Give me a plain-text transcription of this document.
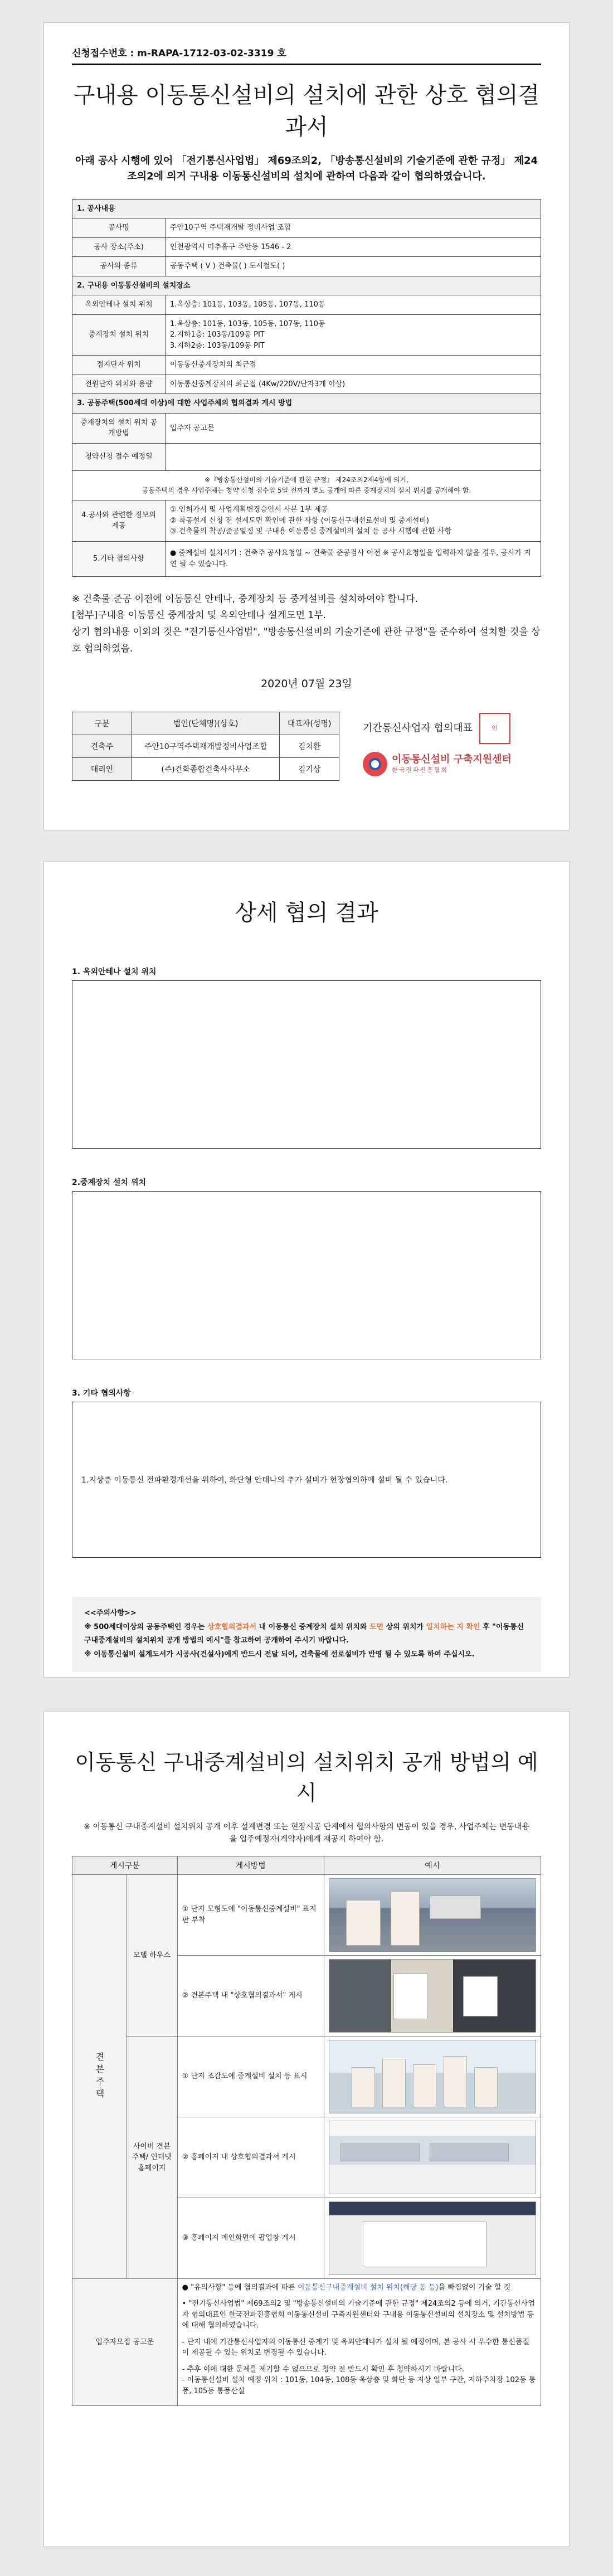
신청접수번호 : m-RAPA-1712-03-02-3319 호
구내용 이동통신설비의 설치에 관한 상호 협의결과서

아래 공사 시행에 있어 「전기통신사업법」 제69조의2, 「방송통신설비의 기술기준에 관한 규정」 제24조의2에 의거 구내용 이동통신설비의 설치에 관하여 다음과 같이 협의하였습니다.

1. 공사내용	
공사명	주안10구역 주택재개발 정비사업 조합
공사 장소(주소)	인천광역시 미추홀구 주안동 1546 - 2
공사의 종류	공동주택 ( V ) 건축물( ) 도시철도( )
2. 구내용 이동통신설비의 설치장소	
옥외안테나 설치 위치	1.옥상층: 101동, 103동, 105동, 107동, 110동
중계장치 설치 위치	1.옥상층: 101동, 103동, 105동, 107동, 110동
2.지하1층: 103동/109동 PIT
3.지하2층: 103동/109동 PIT
접지단자 위치	이동통신중계장치의 최근접
전원단자 위치와 용량	이동통신중계장치의 최근접 (4Kw/220V/단자3개 이상)
3. 공동주택(500세대 이상)에 대한 사업주체의 협의결과 게시 방법	
중계장치의 설치 위치 공개방법	입주자 공고문
청약신청 접수 예정일	
※『방송통신설비의 기술기준에 관한 규정』 제24조의2제4항에 의거,
공동주택의 경우 사업주체는 청약 신청 접수일 5일 전까지 별도 공개에 따른 중계장치의 설치 위치를 공개해야 함.	
4.공사와 관련한 정보의 제공	① 인허가서 및 사업계획변경승인서 사본 1부 제공
② 착공설계 신청 전 설계도면 확인에 관한 사항 (이동신구내선로설비 및 중계설비)
③ 건축물의 착공/준공일정 및 구내용 이동통신 중계설비의 설치 등 공사 시행에 관한 사항

5.기타 협의사항	● 중계설비 설치시기 : 건축주 공사요청일 ~ 건축물 준공검사 이전 ※ 공사요청일을 입력하지 않을 경우, 공사가 지연 될 수 있습니다.
※ 건축물 준공 이전에 이동통신 안테나, 중계장치 등 중계설비를 설치하여야 합니다.
[첨부]구내용 이동통신 중계장치 및 옥외안테나 설계도면 1부.
상기 협의내용 이외의 것은 "전기통신사업법", "방송통신설비의 기술기준에 관한 규정"을 준수하여 설치할 것을 상호 협의하였음.
2020년 07월 23일
구분	법인(단체명)(상호)	대표자(성명)
건축주	주안10구역주택재개발정비사업조합	김치환
대리인	(주)건화종합건축사사무소	김기상
기간통신사업자 협의대표	인
이동통신설비 구축지원센터
한국전파진흥협회
상세 협의 결과
1. 옥외안테나 설치 위치
2.중계장치 설치 위치
3. 기타 협의사항
1.지상층 이동통신 전파환경개선을 위하여, 화단형 안테나의 추가 설비가 현장협의하에 설비 될 수 있습니다.
<<주의사항>>
※ 500세대이상의 공동주택인 경우는 상호협의결과서 내 이동통신 중계장치 설치 위치와 도면 상의 위치가 일치하는 지 확인 후 "이동통신 구내중계설비의 설치위치 공개 방법의 예시"를 참고하여 공개하여 주시기 바랍니다.
※ 이동통신설비 설계도서가 시공사(건설사)에게 반드시 전달 되어, 건축물에 선로설비가 반영 될 수 있도록 하여 주십시오.
이동통신 구내중계설비의 설치위치 공개 방법의 예시

※ 이동통신 구내중계설비 설치위치 공개 이후 설계변경 또는 현장시공 단계에서 협의사항의 변동이 있을 경우, 사업주체는 변동내용을 입주예정자(계약자)에게 재공지 하여야 함.

게시구분		게시방법	예시

견본주택	모델 하우스	① 단지 모형도에 "이동통신중계설비" 표지판 부착	

		② 견본주택 내 "상호협의결과서" 게시	

	사이버 견본 주택/ 인터넷 홈페이지	① 단지 조감도에 중계설비 설치 등 표시	

		② 홈페이지 내 상호협의결과서 게시	

		③ 홈페이지 메인화면에 팝업창 게시	

입주자모집 공고문		● "유의사항" 등에 협의결과에 따른 이동통신구내중계설비 설치 위치(해당 동 등)을 빠짐없이 기술 할 것

• "전기통신사업법" 제69조의2 및 "방송통신설비의 기술기준에 관한 규정" 제24조의2 등에 의거, 기간통신사업자 협의대표인 한국전파진흥협회 이동통신설비 구축지원센터와 구내용 이동통신설비의 설치장소 및 설치방법 등에 대해 협의하였습니다.

- 단지 내에 기간통신사업자의 이동통신 중계기 및 옥외안테나가 설치 될 예정이며, 본 공사 시 우수한 통신품질이 제공될 수 있는 위치로 변경될 수 있습니다.

- 추후 이에 대한 문제를 제기할 수 없으므로 청약 전 반드시 확인 후 청약하시기 바랍니다.
- 이동통신설비 설치 예정 위치 : 101동, 104동, 108동 옥상층 및 화단 등 지상 일부 구간, 지하주차장 102동 통풍, 105동 통풍산실	
